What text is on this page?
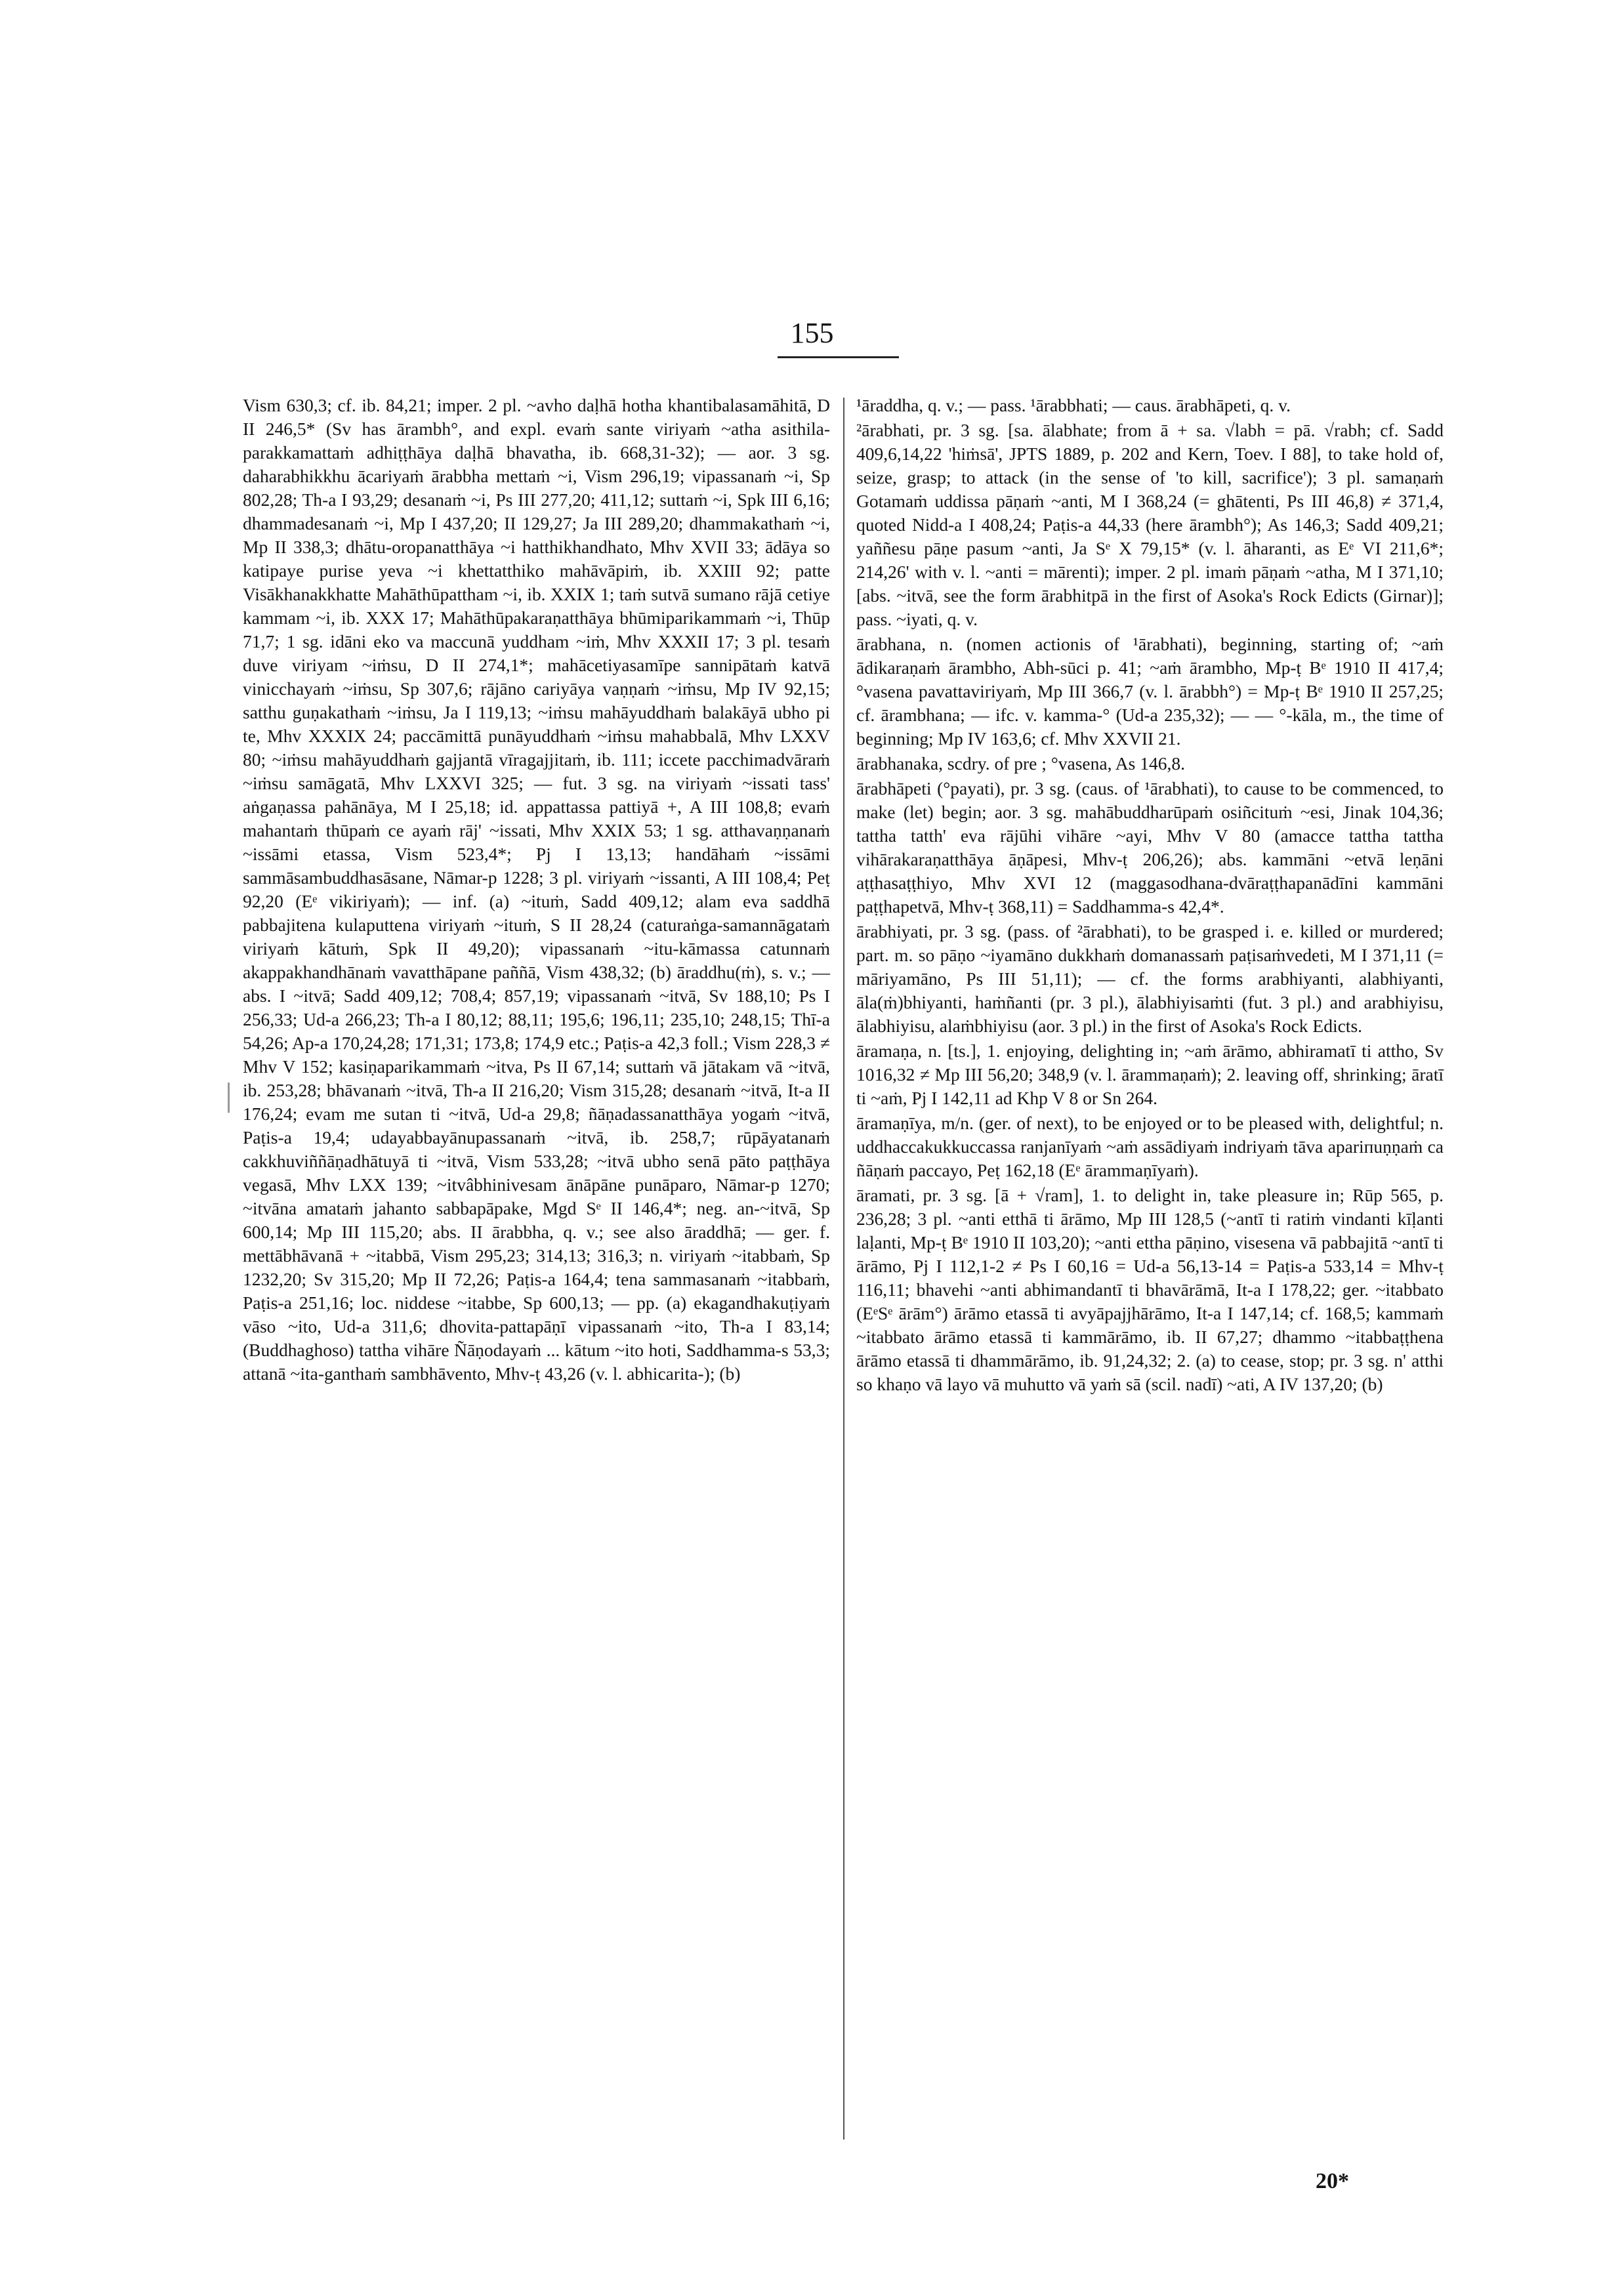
155

Vism 630,3; cf. ib. 84,21; imper. 2 pl. ~avho daḷhā hotha khantibalasamāhitā, D II 246,5* (Sv has ārambh°, and expl. evaṁ sante viriyaṁ ~atha asithila-parakkamattaṁ adhiṭṭhāya daḷhā bhavatha, ib. 668,31-32); — aor. 3 sg. daharabhikkhu ācariyaṁ ārabbha mettaṁ ~i, Vism 296,19; vipassanaṁ ~i, Sp 802,28; Th-a I 93,29; desanaṁ ~i, Ps III 277,20; 411,12; suttaṁ ~i, Spk III 6,16; dhammadesanaṁ ~i, Mp I 437,20; II 129,27; Ja III 289,20; dhammakathaṁ ~i, Mp II 338,3; dhātu-oropanatthāya ~i hatthikhandhato, Mhv XVII 33; ādāya so katipaye purise yeva ~i khettatthiko mahāvāpiṁ, ib. XXIII 92; patte Visākhanakkhatte Mahāthūpattham ~i, ib. XXIX 1; taṁ sutvā sumano rājā cetiye kammam ~i, ib. XXX 17; Mahāthūpakaraṇatthāya bhūmiparikammaṁ ~i, Thūp 71,7; 1 sg. idāni eko va maccunā yuddham ~iṁ, Mhv XXXII 17; 3 pl. tesaṁ duve viriyam ~iṁsu, D II 274,1*; mahācetiyasamīpe sannipātaṁ katvā vinicchayaṁ ~iṁsu, Sp 307,6; rājāno cariyāya vaṇṇaṁ ~iṁsu, Mp IV 92,15; satthu guṇakathaṁ ~iṁsu, Ja I 119,13; ~iṁsu mahāyuddhaṁ balakāyā ubho pi te, Mhv XXXIX 24; paccāmittā punāyuddhaṁ ~iṁsu mahabbalā, Mhv LXXV 80; ~iṁsu mahāyuddhaṁ gajjantā vīragajjitaṁ, ib. 111; iccete pacchimadvāraṁ ~iṁsu samāgatā, Mhv LXXVI 325; — fut. 3 sg. na viriyaṁ ~issati tass' aṅgaṇassa pahānāya, M I 25,18; id. appattassa pattiyā +, A III 108,8; evaṁ mahantaṁ thūpaṁ ce ayaṁ rāj' ~issati, Mhv XXIX 53; 1 sg. atthavaṇṇanaṁ ~issāmi etassa, Vism 523,4*; Pj I 13,13; handāhaṁ ~issāmi sammāsambuddhasāsane, Nāmar-p 1228; 3 pl. viriyaṁ ~issanti, A III 108,4; Peṭ 92,20 (Eᵉ vikiriyaṁ); — inf. (a) ~ituṁ, Sadd 409,12; alam eva saddhā pabbajitena kulaputtena viriyaṁ ~ituṁ, S II 28,24 (caturaṅga-samannāgataṁ viriyaṁ kātuṁ, Spk II 49,20); vipassanaṁ ~itu-kāmassa catunnaṁ akappakhandhānaṁ vavatthāpane paññā, Vism 438,32; (b) āraddhu(ṁ), s. v.; — abs. I ~itvā; Sadd 409,12; 708,4; 857,19; vipassanaṁ ~itvā, Sv 188,10; Ps I 256,33; Ud-a 266,23; Th-a I 80,12; 88,11; 195,6; 196,11; 235,10; 248,15; Thī-a 54,26; Ap-a 170,24,28; 171,31; 173,8; 174,9 etc.; Paṭis-a 42,3 foll.; Vism 228,3 ≠ Mhv V 152; kasiṇaparikammaṁ ~itva, Ps II 67,14; suttaṁ vā jātakam vā ~itvā, ib. 253,28; bhāvanaṁ ~itvā, Th-a II 216,20; Vism 315,28; desanaṁ ~itvā, It-a II 176,24; evam me sutan ti ~itvā, Ud-a 29,8; ñāṇadassanatthāya yogaṁ ~itvā, Paṭis-a 19,4; udayabbayānupassanaṁ ~itvā, ib. 258,7; rūpāyatanaṁ cakkhuviññāṇadhātuyā ti ~itvā, Vism 533,28; ~itvā ubho senā pāto paṭṭhāya vegasā, Mhv LXX 139; ~itvâbhinivesam ānāpāne punāparo, Nāmar-p 1270; ~itvāna amataṁ jahanto sabbapāpake, Mgd Sᵉ II 146,4*; neg. an-~itvā, Sp 600,14; Mp III 115,20; abs. II ārabbha, q. v.; see also āraddhā; — ger. f. mettābhāvanā + ~itabbā, Vism 295,23; 314,13; 316,3; n. viriyaṁ ~itabbaṁ, Sp 1232,20; Sv 315,20; Mp II 72,26; Paṭis-a 164,4; tena sammasanaṁ ~itabbaṁ, Paṭis-a 251,16; loc. niddese ~itabbe, Sp 600,13; — pp. (a) ekagandhakuṭiyaṁ vāso ~ito, Ud-a 311,6; dhovita-pattapāṇī vipassanaṁ ~ito, Th-a I 83,14; (Buddhaghoso) tattha vihāre Ñāṇodayaṁ ... kātum ~ito hoti, Saddhamma-s 53,3; attanā ~ita-ganthaṁ sambhāvento, Mhv-ṭ 43,26 (v. l. abhicarita-); (b)

¹āraddha, q. v.; — pass. ¹ārabbhati; — caus. ārabhāpeti, q. v.

²ārabhati, pr. 3 sg. [sa. ālabhate; from ā + sa. √labh = pā. √rabh; cf. Sadd 409,6,14,22 'hiṁsā', JPTS 1889, p. 202 and Kern, Toev. I 88], to take hold of, seize, grasp; to attack (in the sense of 'to kill, sacrifice'); 3 pl. samaṇaṁ Gotamaṁ uddissa pāṇaṁ ~anti, M I 368,24 (= ghātenti, Ps III 46,8) ≠ 371,4, quoted Nidd-a I 408,24; Paṭis-a 44,33 (here ārambh°); As 146,3; Sadd 409,21; yaññesu pāṇe pasum ~anti, Ja Sᵉ X 79,15* (v. l. āharanti, as Eᵉ VI 211,6*; 214,26' with v. l. ~anti = mārenti); imper. 2 pl. imaṁ pāṇaṁ ~atha, M I 371,10; [abs. ~itvā, see the form ārabhitpā in the first of Asoka's Rock Edicts (Girnar)]; pass. ~iyati, q. v.

ārabhana, n. (nomen actionis of ¹ārabhati), beginning, starting of; ~aṁ ādikaraṇaṁ ārambho, Abh-sūci p. 41; ~aṁ ārambho, Mp-ṭ Bᵉ 1910 II 417,4; °vasena pavattaviriyaṁ, Mp III 366,7 (v. l. ārabbh°) = Mp-ṭ Bᵉ 1910 II 257,25; cf. ārambhana; — ifc. v. kamma-° (Ud-a 235,32); — — °-kāla, m., the time of beginning; Mp IV 163,6; cf. Mhv XXVII 21.

ārabhanaka, scdry. of pre ; °vasena, As 146,8.

ārabhāpeti (°payati), pr. 3 sg. (caus. of ¹ārabhati), to cause to be commenced, to make (let) begin; aor. 3 sg. mahābuddharūpaṁ osiñcituṁ ~esi, Jinak 104,36; tattha tatth' eva rājūhi vihāre ~ayi, Mhv V 80 (amacce tattha tattha vihārakaraṇatthāya āṇāpesi, Mhv-ṭ 206,26); abs. kammāni ~etvā leṇāni aṭṭhasaṭṭhiyo, Mhv XVI 12 (maggasodhana-dvāraṭṭhapanādīni kammāni paṭṭhapetvā, Mhv-ṭ 368,11) = Saddhamma-s 42,4*.

ārabhiyati, pr. 3 sg. (pass. of ²ārabhati), to be grasped i. e. killed or murdered; part. m. so pāṇo ~iyamāno dukkhaṁ domanassaṁ paṭisaṁvedeti, M I 371,11 (= māriyamāno, Ps III 51,11); — cf. the forms arabhiyanti, alabhiyanti, āla(ṁ)bhiyanti, haṁñanti (pr. 3 pl.), ālabhiyisaṁti (fut. 3 pl.) and arabhiyisu, ālabhiyisu, alaṁbhiyisu (aor. 3 pl.) in the first of Asoka's Rock Edicts.

āramaṇa, n. [ts.], 1. enjoying, delighting in; ~aṁ ārāmo, abhiramatī ti attho, Sv 1016,32 ≠ Mp III 56,20; 348,9 (v. l. ārammaṇaṁ); 2. leaving off, shrinking; āratī ti ~aṁ, Pj I 142,11 ad Khp V 8 or Sn 264.

āramaṇīya, m/n. (ger. of next), to be enjoyed or to be pleased with, delightful; n. uddhaccakukkuccassa ranjanīyaṁ ~aṁ assādiyaṁ indriyaṁ tāva apariпuṇṇaṁ ca ñāṇaṁ paccayo, Peṭ 162,18 (Eᵉ ārammaṇīyaṁ).

āramati, pr. 3 sg. [ā + √ram], 1. to delight in, take pleasure in; Rūp 565, p. 236,28; 3 pl. ~anti etthā ti ārāmo, Mp III 128,5 (~antī ti ratiṁ vindanti kīḷanti laḷanti, Mp-ṭ Bᵉ 1910 II 103,20); ~anti ettha pāṇino, visesena vā pabbajitā ~antī ti ārāmo, Pj I 112,1-2 ≠ Ps I 60,16 = Ud-a 56,13-14 = Paṭis-a 533,14 = Mhv-ṭ 116,11; bhavehi ~anti abhimandantī ti bhavārāmā, It-a I 178,22; ger. ~itabbato (EᵉSᵉ ārām°) ārāmo etassā ti avyāpajjhārāmo, It-a I 147,14; cf. 168,5; kammaṁ ~itabbato ārāmo etassā ti kammārāmo, ib. II 67,27; dhammo ~itabbaṭṭhena ārāmo etassā ti dhammārāmo, ib. 91,24,32; 2. (a) to cease, stop; pr. 3 sg. n' atthi so khaṇo vā layo vā muhutto vā yaṁ sā (scil. nadī) ~ati, A IV 137,20; (b)

20*
